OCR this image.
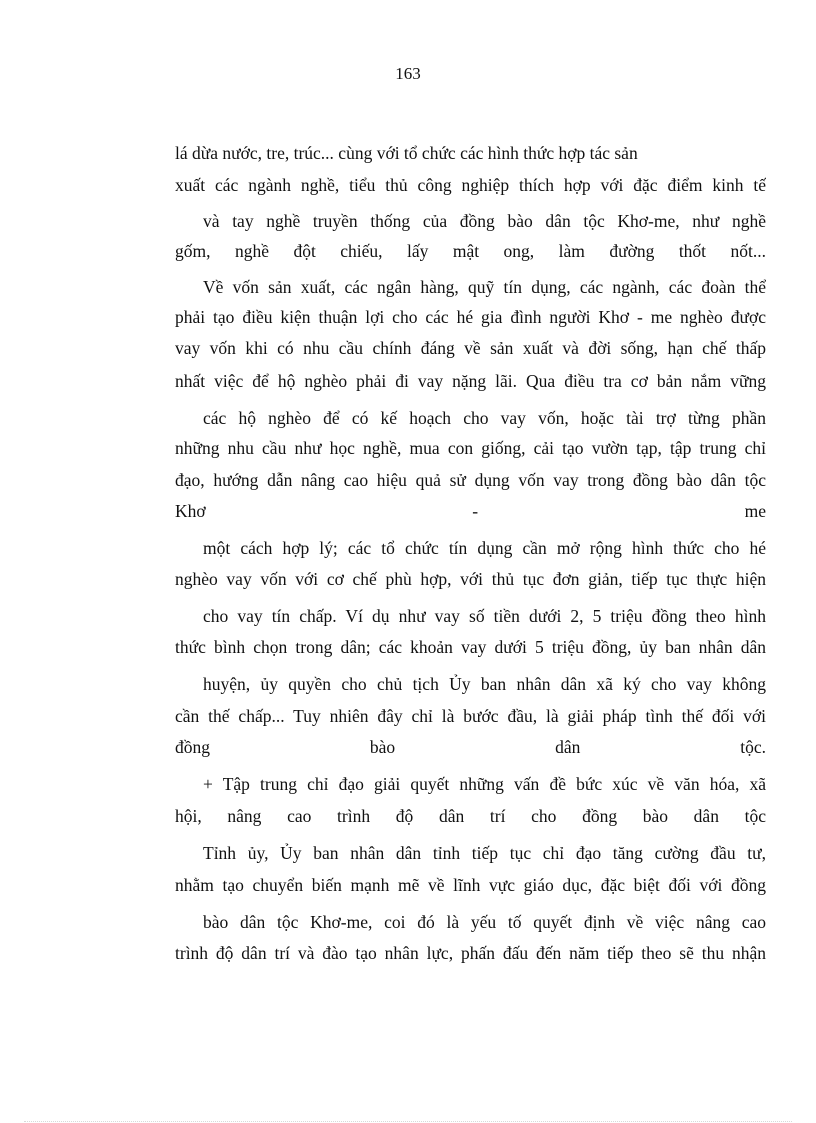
163
lá dừa nước, tre, trúc... cùng với tổ chức các hình thức hợp tác sản
xuất các ngành nghề, tiểu thủ công nghiệp thích hợp với đặc điểm kinh tế
và tay nghề truyền thống của đồng bào dân tộc Khơ-me, như nghề
gốm, nghề đột chiếu, lấy mật ong, làm đường thốt nốt...
Về vốn sản xuất, các ngân hàng, quỹ tín dụng, các ngành, các đoàn thể
phải tạo điều kiện thuận lợi cho các hé gia đình người Khơ - me nghèo được
vay vốn khi có nhu cầu chính đáng về sản xuất và đời sống, hạn chế thấp
nhất việc để hộ nghèo phải đi vay nặng lãi. Qua điều tra cơ bản nắm vững
các hộ nghèo để có kế hoạch cho vay vốn, hoặc tài trợ từng phần
những nhu cầu như học nghề, mua con giống, cải tạo vườn tạp, tập trung chỉ
đạo, hướng dẫn nâng cao hiệu quả sử dụng vốn vay trong đồng bào dân tộc
Khơ - me
một cách hợp lý; các tổ chức tín dụng cần mở rộng hình thức cho hé
nghèo vay vốn với cơ chế phù hợp, với thủ tục đơn giản, tiếp tục thực hiện
cho vay tín chấp. Ví dụ như vay số tiền dưới 2, 5 triệu đồng theo hình
thức bình chọn trong dân; các khoản vay dưới 5 triệu đồng, ủy ban nhân dân
huyện, ủy quyền cho chủ tịch Ủy ban nhân dân xã ký cho vay không
cần thế chấp... Tuy nhiên đây chỉ là bước đầu, là giải pháp tình thế đối với
đồng bào dân tộc.
+ Tập trung chỉ đạo giải quyết những vấn đề bức xúc về văn hóa, xã
hội, nâng cao trình độ dân trí cho đồng bào dân tộc
Tỉnh ủy, Ủy ban nhân dân tỉnh tiếp tục chỉ đạo tăng cường đầu tư,
nhằm tạo chuyển biến mạnh mẽ về lĩnh vực giáo dục, đặc biệt đối với đồng
bào dân tộc Khơ-me, coi đó là yếu tố quyết định về việc nâng cao
trình độ dân trí và đào tạo nhân lực, phấn đấu đến năm tiếp theo sẽ thu nhận
